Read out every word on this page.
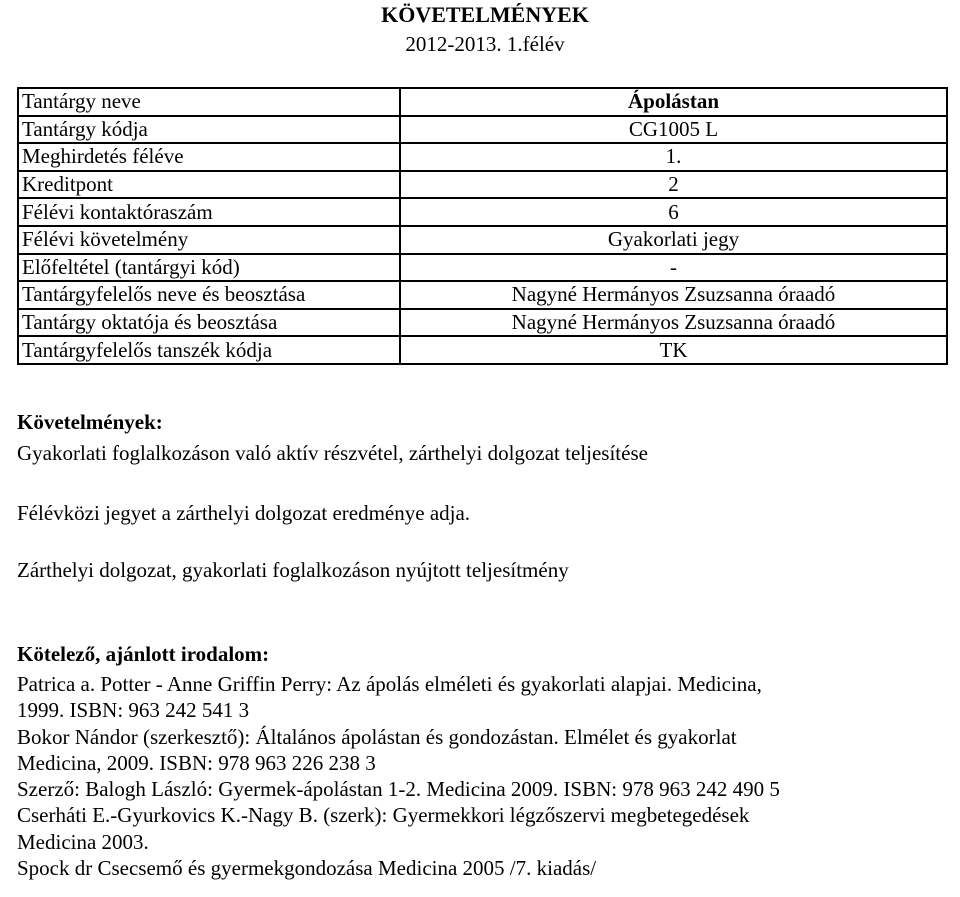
KÖVETELMÉNYEK
2012-2013. 1.félév
Tantárgy neve	Ápolástan
Tantárgy kódja	CG1005 L
Meghirdetés féléve	1.
Kreditpont	2
Félévi kontaktóraszám	6
Félévi követelmény	Gyakorlati jegy
Előfeltétel (tantárgyi kód)	-
Tantárgyfelelős neve és beosztása	Nagyné Hermányos Zsuzsanna óraadó
Tantárgy oktatója és beosztása	Nagyné Hermányos Zsuzsanna óraadó
Tantárgyfelelős tanszék kódja	TK
Követelmények:
Gyakorlati foglalkozáson való aktív részvétel, zárthelyi dolgozat teljesítése
Félévközi jegyet a zárthelyi dolgozat eredménye adja.
Zárthelyi dolgozat, gyakorlati foglalkozáson nyújtott teljesítmény
Kötelező, ajánlott irodalom:
Patrica a. Potter - Anne Griffin Perry: Az ápolás elméleti és gyakorlati alapjai. Medicina,
1999. ISBN: 963 242 541 3
Bokor Nándor (szerkesztő): Általános ápolástan és gondozástan. Elmélet és gyakorlat
Medicina, 2009. ISBN: 978 963 226 238 3
Szerző: Balogh László: Gyermek-ápolástan 1-2. Medicina 2009. ISBN: 978 963 242 490 5
Cserháti E.-Gyurkovics K.-Nagy B. (szerk): Gyermekkori légzőszervi megbetegedések
Medicina 2003.
Spock dr Csecsemő és gyermekgondozása Medicina 2005 /7. kiadás/
